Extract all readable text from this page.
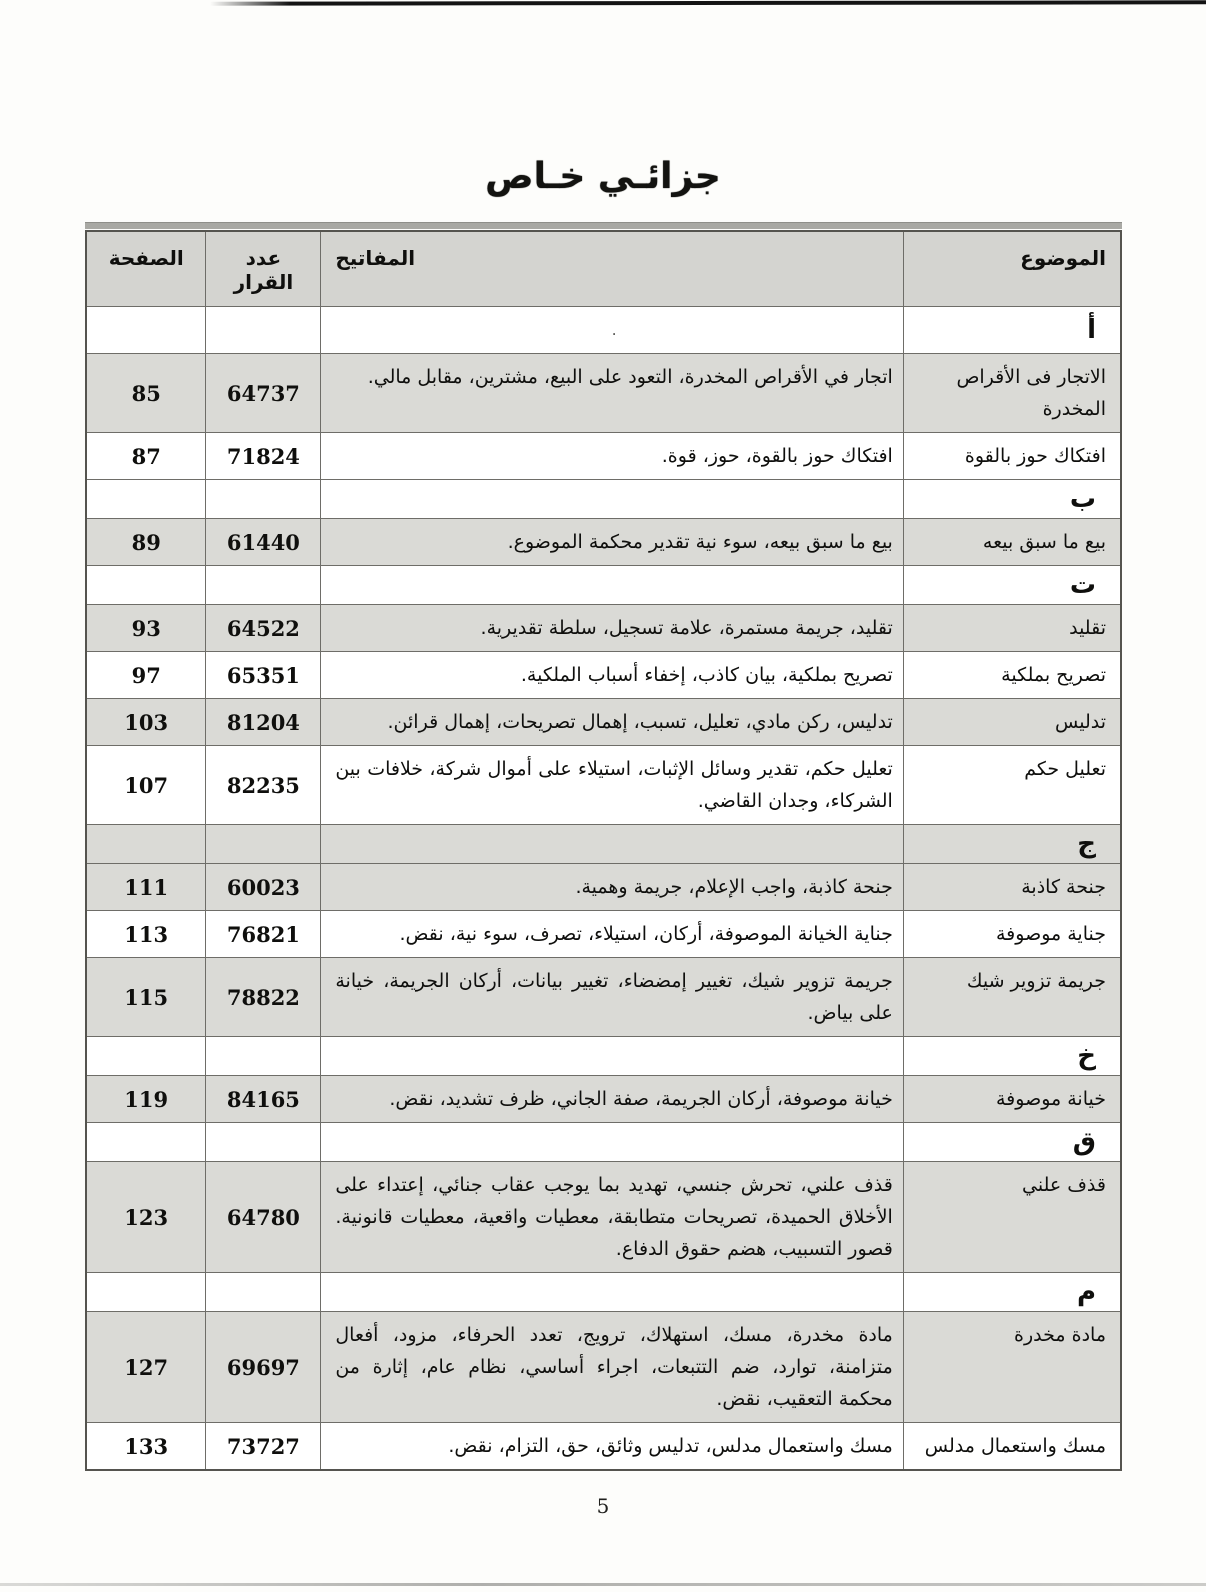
جزائـي خـاص
الموضوع	المفاتيح	عدد القرار	الصفحة
أ	.		
الاتجار فى الأقراص المخدرة	اتجار في الأقراص المخدرة، التعود على البيع، مشترين، مقابل مالي.	64737	85
افتكاك حوز بالقوة	افتكاك حوز بالقوة، حوز، قوة.	71824	87
ب			
بيع ما سبق بيعه	بيع ما سبق بيعه، سوء نية تقدير محكمة الموضوع.	61440	89
ت			
تقليد	تقليد، جريمة مستمرة، علامة تسجيل، سلطة تقديرية.	64522	93
تصريح بملكية	تصريح بملكية، بيان كاذب، إخفاء أسباب الملكية.	65351	97
تدليس	تدليس، ركن مادي، تعليل، تسبب، إهمال تصريحات، إهمال قرائن.	81204	103
تعليل حكم	تعليل حكم، تقدير وسائل الإثبات، استيلاء على أموال شركة، خلافات بين الشركاء، وجدان القاضي.	82235	107
ج			
جنحة كاذبة	جنحة كاذبة، واجب الإعلام، جريمة وهمية.	60023	111
جناية موصوفة	جناية الخيانة الموصوفة، أركان، استيلاء، تصرف، سوء نية، نقض.	76821	113
جريمة تزوير شيك	جريمة تزوير شيك، تغيير إمضضاء، تغيير بيانات، أركان الجريمة، خيانة على بياض.	78822	115
خ			
خيانة موصوفة	خيانة موصوفة، أركان الجريمة، صفة الجاني، ظرف تشديد، نقض.	84165	119
ق			
قذف علني	قذف علني، تحرش جنسي، تهديد بما يوجب عقاب جنائي، إعتداء على الأخلاق الحميدة، تصريحات متطابقة، معطيات واقعية، معطيات قانونية. قصور التسبيب، هضم حقوق الدفاع.	64780	123
م			
مادة مخدرة	مادة مخدرة، مسك، استهلاك، ترويج، تعدد الحرفاء، مزود، أفعال متزامنة، توارد، ضم التتبعات، اجراء أساسي، نظام عام، إثارة من محكمة التعقيب، نقض.	69697	127
مسك واستعمال مدلس	مسك واستعمال مدلس، تدليس وثائق، حق، التزام، نقض.	73727	133
5
